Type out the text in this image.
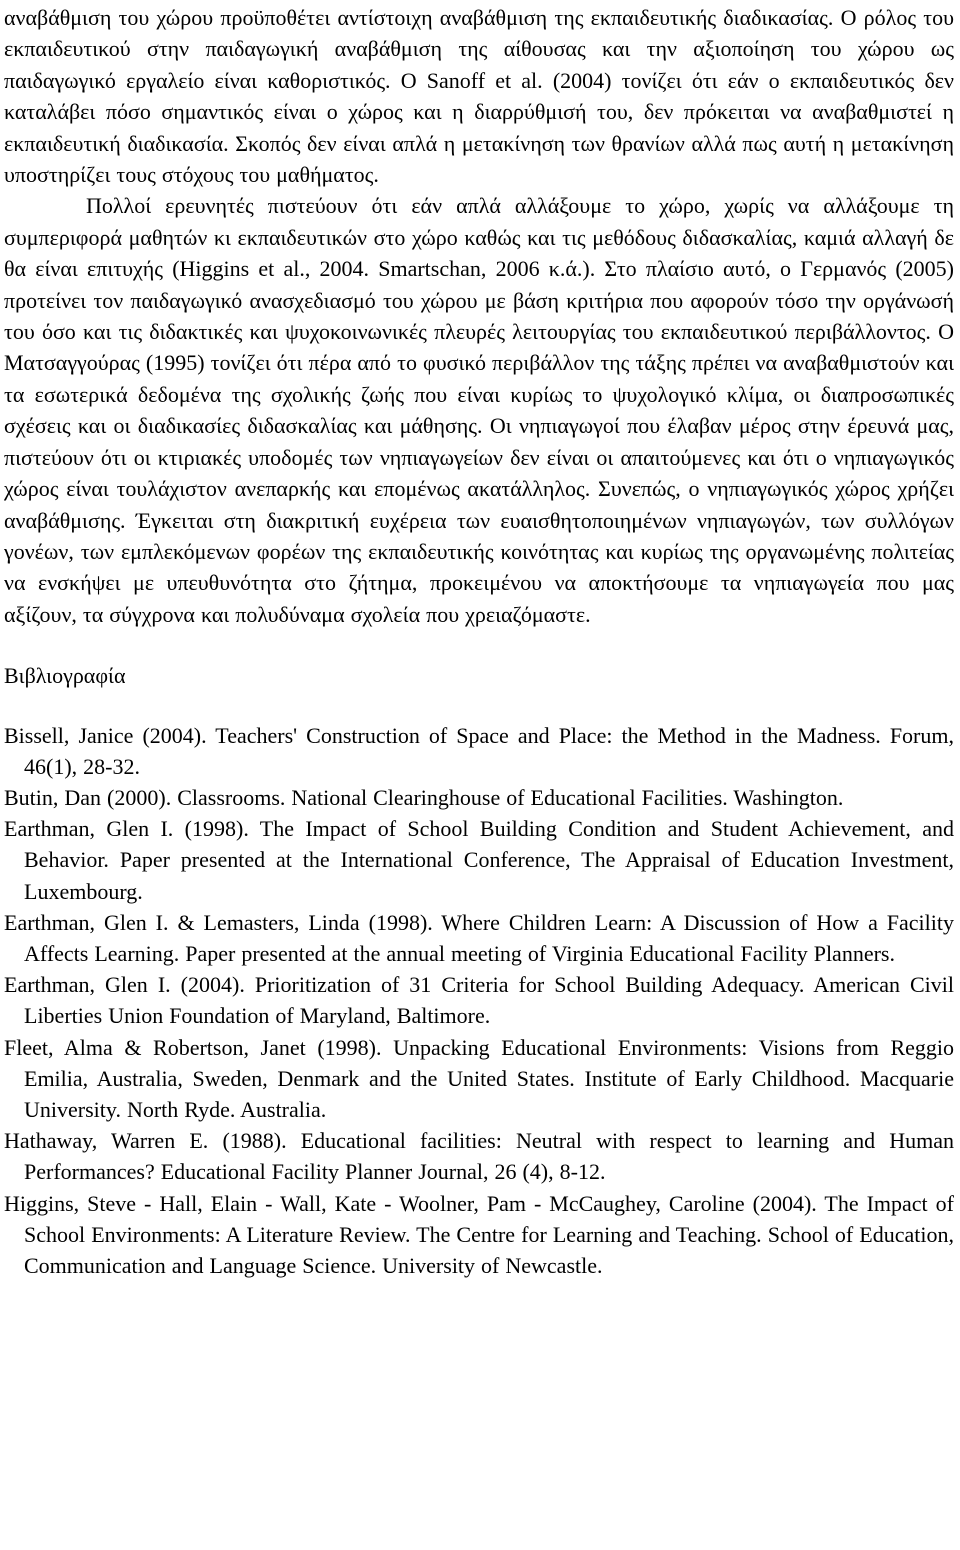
αναβάθμιση του χώρου προϋποθέτει αντίστοιχη αναβάθμιση της εκπαιδευτικής διαδικασίας. Ο ρόλος του εκπαιδευτικού στην παιδαγωγική αναβάθμιση της αίθουσας και την αξιοποίηση του χώρου ως παιδαγωγικό εργαλείο είναι καθοριστικός. Ο Sanoff et al. (2004) τονίζει ότι εάν ο εκπαιδευτικός δεν καταλάβει πόσο σημαντικός είναι ο χώρος και η διαρρύθμισή του, δεν πρόκειται να αναβαθμιστεί η εκπαιδευτική διαδικασία. Σκοπός δεν είναι απλά η μετακίνηση των θρανίων αλλά πως αυτή η μετακίνηση υποστηρίζει τους στόχους του μαθήματος.

Πολλοί ερευνητές πιστεύουν ότι εάν απλά αλλάξουμε το χώρο, χωρίς να αλλάξουμε τη συμπεριφορά μαθητών κι εκπαιδευτικών στο χώρο καθώς και τις μεθόδους διδασκαλίας, καμιά αλλαγή δε θα είναι επιτυχής (Higgins et al., 2004. Smartschan, 2006 κ.ά.). Στο πλαίσιο αυτό, ο Γερμανός (2005) προτείνει τον παιδαγωγικό ανασχεδιασμό του χώρου με βάση κριτήρια που αφορούν τόσο την οργάνωσή του όσο και τις διδακτικές και ψυχοκοινωνικές πλευρές λειτουργίας του εκπαιδευτικού περιβάλλοντος. Ο Ματσαγγούρας (1995) τονίζει ότι πέρα από το φυσικό περιβάλλον της τάξης πρέπει να αναβαθμιστούν και τα εσωτερικά δεδομένα της σχολικής ζωής που είναι κυρίως το ψυχολογικό κλίμα, οι διαπροσωπικές σχέσεις και οι διαδικασίες διδασκαλίας και μάθησης. Οι νηπιαγωγοί που έλαβαν μέρος στην έρευνά μας, πιστεύουν ότι οι κτιριακές υποδομές των νηπιαγωγείων δεν είναι οι απαιτούμενες και ότι ο νηπιαγωγικός χώρος είναι τουλάχιστον ανεπαρκής και επομένως ακατάλληλος. Συνεπώς, ο νηπιαγωγικός χώρος χρήζει αναβάθμισης. Έγκειται στη διακριτική ευχέρεια των ευαισθητοποιημένων νηπιαγωγών, των συλλόγων γονέων, των εμπλεκόμενων φορέων της εκπαιδευτικής κοινότητας και κυρίως της οργανωμένης πολιτείας να ενσκήψει με υπευθυνότητα στο ζήτημα, προκειμένου να αποκτήσουμε τα νηπιαγωγεία που μας αξίζουν, τα σύγχρονα και πολυδύναμα σχολεία που χρειαζόμαστε.

Βιβλιογραφία
Bissell, Janice (2004). Teachers' Construction of Space and Place: the Method in the Madness. Forum, 46(1), 28-32.
Butin, Dan (2000). Classrooms. National Clearinghouse of Educational Facilities. Washington.
Earthman, Glen I. (1998). The Impact of School Building Condition and Student Achievement, and Behavior. Paper presented at the International Conference, The Appraisal of Education Investment, Luxembourg.
Earthman, Glen I. & Lemasters, Linda (1998). Where Children Learn: A Discussion of How a Facility Affects Learning. Paper presented at the annual meeting of Virginia Educational Facility Planners.
Earthman, Glen I. (2004). Prioritization of 31 Criteria for School Building Adequacy. American Civil Liberties Union Foundation of Maryland, Baltimore.
Fleet, Alma & Robertson, Janet (1998). Unpacking Educational Environments: Visions from Reggio Emilia, Australia, Sweden, Denmark and the United States. Institute of Early Childhood. Macquarie University. North Ryde. Australia.
Hathaway, Warren E. (1988). Educational facilities: Neutral with respect to learning and Human Performances? Educational Facility Planner Journal, 26 (4), 8-12.
Higgins, Steve - Hall, Elain - Wall, Kate - Woolner, Pam - McCaughey, Caroline (2004). The Impact of School Environments: A Literature Review. The Centre for Learning and Teaching. School of Education, Communication and Language Science. University of Newcastle.
